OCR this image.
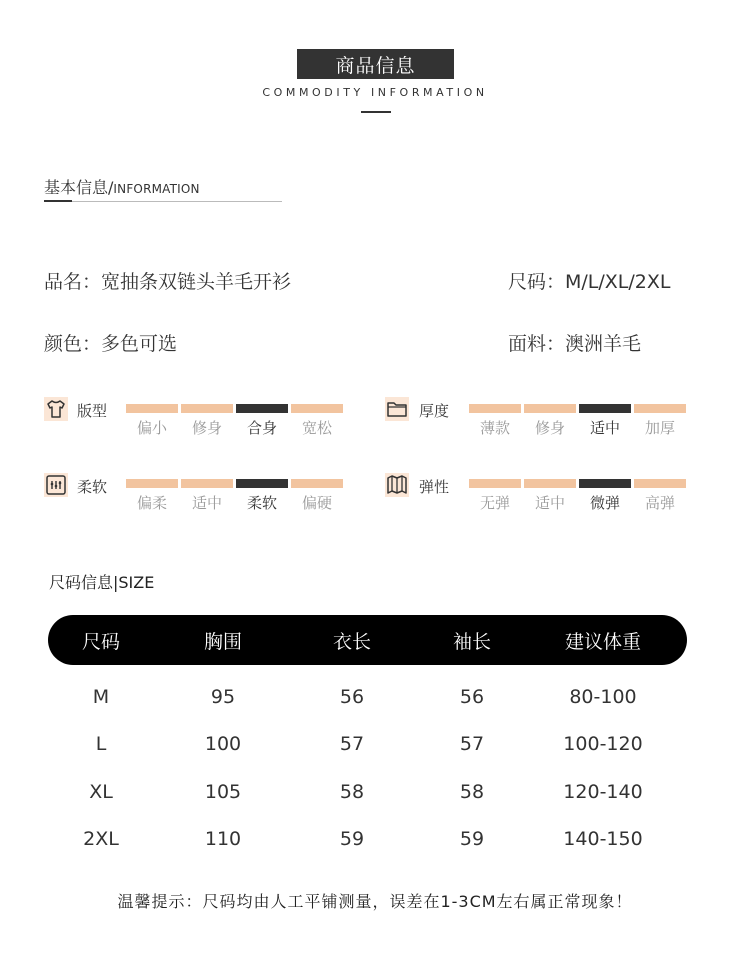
商品信息
COMMODITY INFORMATION
基本信息/INFORMATION
品名：宽抽条双链头羊毛开衫	尺码：M/L/XL/2XL
颜色：多色可选	面料：澳洲羊毛
版型
偏小 修身 合身 宽松
厚度
薄款 修身 适中 加厚
柔软
偏柔 适中 柔软 偏硬
弹性
无弹 适中 微弹 高弹
尺码信息|SIZE
尺码	胸围	衣长	袖长	建议体重
M	95	56	56	80-100
L	100	57	57	100-120
XL	105	58	58	120-140
2XL	110	59	59	140-150
温馨提示：尺码均由人工平铺测量，误差在1-3CM左右属正常现象！
